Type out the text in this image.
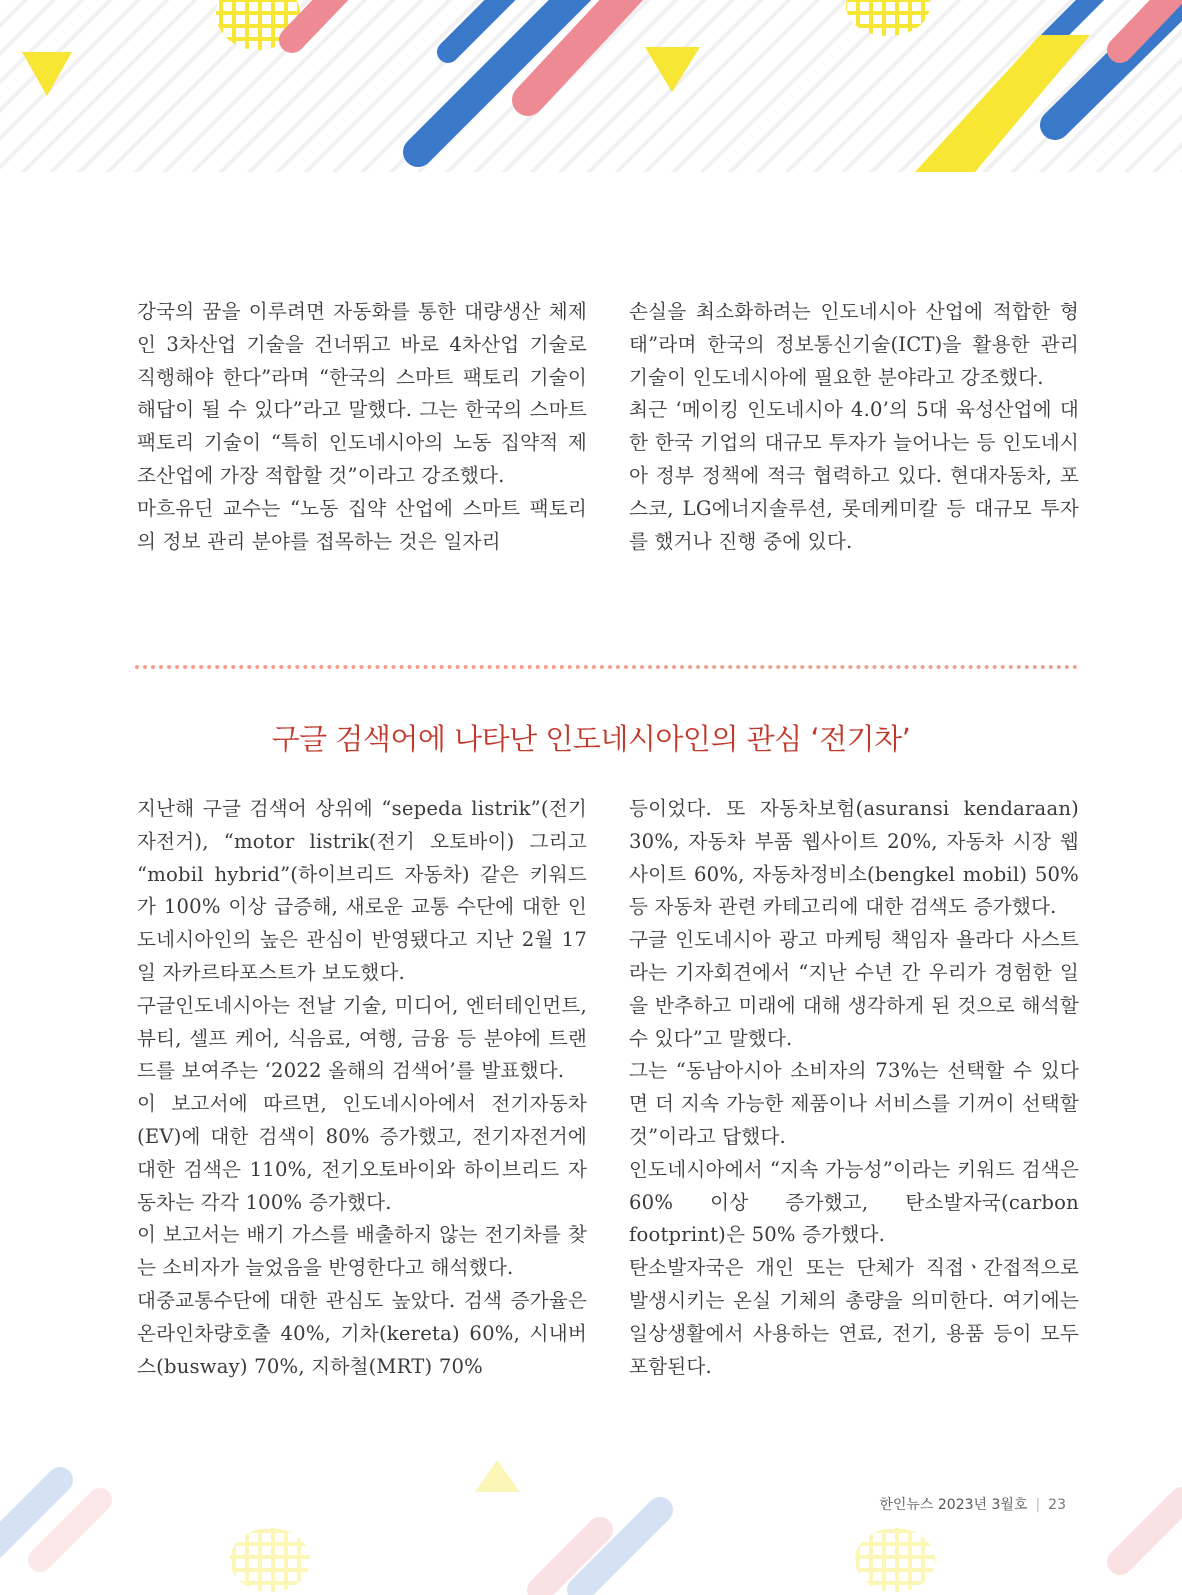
강국의 꿈을 이루려면 자동화를 통한 대량생산 체제인 3차산업 기술을 건너뛰고 바로 4차산업 기술로 직행해야 한다”라며 “한국의 스마트 팩토리 기술이 해답이 될 수 있다”라고 말했다. 그는 한국의 스마트 팩토리 기술이 “특히 인도네시아의 노동 집약적 제조산업에 가장 적합할 것”이라고 강조했다.

마흐유딘 교수는 “노동 집약 산업에 스마트 팩토리의 정보 관리 분야를 접목하는 것은 일자리

손실을 최소화하려는 인도네시아 산업에 적합한 형태”라며 한국의 정보통신기술(ICT)을 활용한 관리 기술이 인도네시아에 필요한 분야라고 강조했다.

최근 ‘메이킹 인도네시아 4.0’의 5대 육성산업에 대한 한국 기업의 대규모 투자가 늘어나는 등 인도네시아 정부 정책에 적극 협력하고 있다. 현대자동차, 포스코, LG에너지솔루션, 롯데케미칼 등 대규모 투자를 했거나 진행 중에 있다.

구글 검색어에 나타난 인도네시아인의 관심 ‘전기차’

지난해 구글 검색어 상위에 “sepeda listrik”(전기 자전거), “motor listrik(전기 오토바이) 그리고 “mobil hybrid”(하이브리드 자동차) 같은 키워드가 100% 이상 급증해, 새로운 교통 수단에 대한 인도네시아인의 높은 관심이 반영됐다고 지난 2월 17일 자카르타포스트가 보도했다.

구글인도네시아는 전날 기술, 미디어, 엔터테인먼트, 뷰티, 셀프 케어, 식음료, 여행, 금융 등 분야에 트랜드를 보여주는 ‘2022 올해의 검색어’를 발표했다.

이 보고서에 따르면, 인도네시아에서 전기자동차(EV)에 대한 검색이 80% 증가했고, 전기자전거에 대한 검색은 110%, 전기오토바이와 하이브리드 자동차는 각각 100% 증가했다.

이 보고서는 배기 가스를 배출하지 않는 전기차를 찾는 소비자가 늘었음을 반영한다고 해석했다.

대중교통수단에 대한 관심도 높았다. 검색 증가율은 온라인차량호출 40%, 기차(kereta) 60%, 시내버스(busway) 70%, 지하철(MRT) 70%

등이었다. 또 자동차보험(asuransi kendaraan) 30%, 자동차 부품 웹사이트 20%, 자동차 시장 웹사이트 60%, 자동차정비소(bengkel mobil) 50% 등 자동차 관련 카테고리에 대한 검색도 증가했다.

구글 인도네시아 광고 마케팅 책임자 욜라다 사스트라는 기자회견에서 “지난 수년 간 우리가 경험한 일을 반추하고 미래에 대해 생각하게 된 것으로 해석할 수 있다”고 말했다.

그는 “동남아시아 소비자의 73%는 선택할 수 있다면 더 지속 가능한 제품이나 서비스를 기꺼이 선택할 것”이라고 답했다.

인도네시아에서 “지속 가능성”이라는 키워드 검색은 60% 이상 증가했고, 탄소발자국(carbon footprint)은 50% 증가했다.

탄소발자국은 개인 또는 단체가 직접ㆍ간접적으로 발생시키는 온실 기체의 총량을 의미한다. 여기에는 일상생활에서 사용하는 연료, 전기, 용품 등이 모두 포함된다.

한인뉴스 2023년 3월호 | 23
